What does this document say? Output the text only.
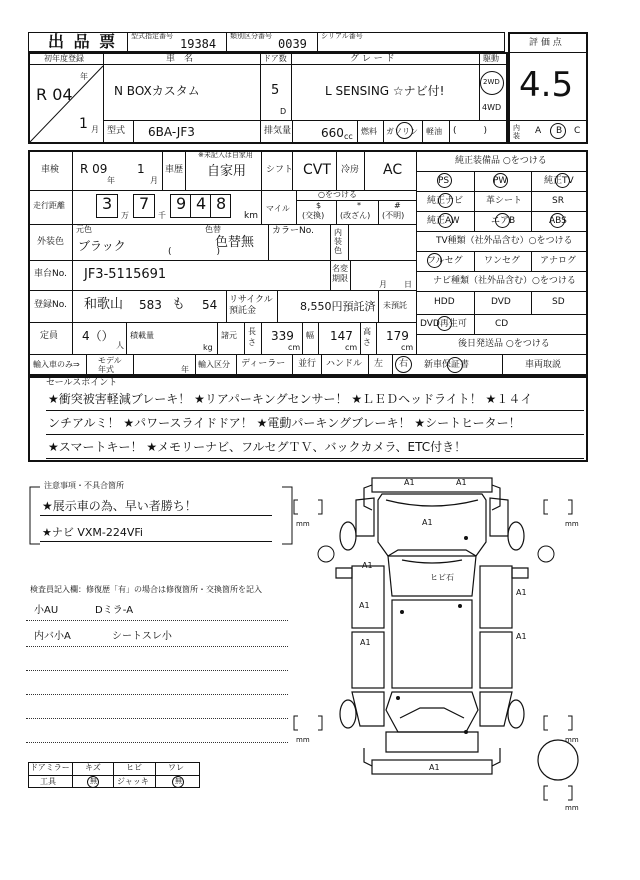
出 品 票 型式指定番号
19384
類別区分番号
0039
シリアル番号
評 価 点
4.5
内装 A B C
初年度登録
R 04
年
1 月
車　名
N BOXカスタム
ドア数
5
D
グ レ ー ド
L SENSING ☆ナビ付!
駆動
2WD
4WD
型式 6BA-JF3	排気量 660 cc
燃料 ガソリン 軽油 (　　　)
車検 R 09
年
1
月
車歴
※未記入は自家用
自家用 シフト CVT 冷房 AC
走行距離 3
万
7
千
9 4 8
km
マイル
○をつける
$
(交換)
*
(改ざん)
#
(不明)
外装色
元色
ブラック
色替
色替無
(　　　　　)
カラーNo.	内装色
車台No. JF3-5115691	名変期限
月 日
登録No. 和歌山 583 も 54 リサイクル預託金	8,550円預託済 未預託
定員 4（）
人
積載量
kg
諸元 長さ 339
cm
幅 147
cm
高さ 179
cm
輸入車のみ⇒ モデル年式	年
輸入区分 ディーラー 並行 ハンドル 左 右
純正装備品 ○をつける
PS	PW	純正TV
純正ナビ	革シート	SR
純正AW	エアB	ABS
TV種類（社外品含む）○をつける
フルセグ ワンセグ アナログ
ナビ種類（社外品含む）○をつける
HDD	DVD	SD
DVD再生可	CD
後日発送品 ○をつける
新車保証書	車両取説
セールスポイント
★衝突被害軽減ブレーキ！ ★リアパーキングセンサー！ ★ＬＥＤヘッドライト！ ★１４イ
ンチアルミ！ ★パワースライドドア！ ★電動パーキングブレーキ！ ★シートヒーター！
★スマートキー！ ★メモリーナビ、フルセグＴＶ、バックカメラ、ETC付き！
注意事項・不具合箇所
★展示車の為、早い者勝ち！
★ナビ VXM-224VFi
検査員記入欄：修復歴「有」の場合は修復箇所・交換箇所を記入
小AU	Dミラ-A
内バ小A	シートスレ小
ドアミラー キズ	ヒビ	ワレ
工具	無	ジャッキ	無
A1	A1
A1
A1
ヒビ石
A1
A1
A1
A1
A1
mm	mm
mm	mm
mm
